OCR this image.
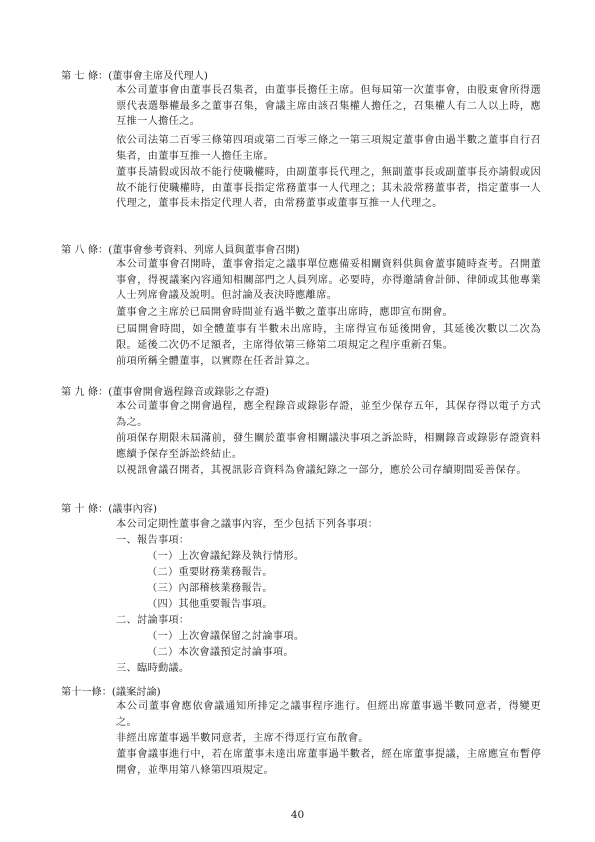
第 七 條：(董事會主席及代理人)

本公司董事會由董事長召集者，由董事長擔任主席。但每屆第一次董事會，由股東會所得選票代表選舉權最多之董事召集，會議主席由該召集權人擔任之，召集權人有二人以上時，應互推一人擔任之。

依公司法第二百零三條第四項或第二百零三條之一第三項規定董事會由過半數之董事自行召集者，由董事互推一人擔任主席。

董事長請假或因故不能行使職權時，由副董事長代理之，無副董事長或副董事長亦請假或因故不能行使職權時，由董事長指定常務董事一人代理之；其未設常務董事者，指定董事一人代理之，董事長未指定代理人者，由常務董事或董事互推一人代理之。

第 八 條：(董事會參考資料、列席人員與董事會召開)

本公司董事會召開時，董事會指定之議事單位應備妥相關資料供與會董事隨時查考。召開董事會，得視議案內容通知相關部門之人員列席。必要時，亦得邀請會計師、律師或其他專業人士列席會議及說明。但討論及表決時應離席。

董事會之主席於已屆開會時間並有過半數之董事出席時，應即宣布開會。

已屆開會時間，如全體董事有半數未出席時，主席得宣布延後開會，其延後次數以二次為限。延後二次仍不足額者，主席得依第三條第二項規定之程序重新召集。

前項所稱全體董事，以實際在任者計算之。

第 九 條：(董事會開會過程錄音或錄影之存證)

本公司董事會之開會過程，應全程錄音或錄影存證，並至少保存五年，其保存得以電子方式為之。

前項保存期限未屆滿前，發生關於董事會相關議決事項之訴訟時，相關錄音或錄影存證資料應續予保存至訴訟終結止。

以視訊會議召開者，其視訊影音資料為會議紀錄之一部分，應於公司存續期間妥善保存。

第 十 條：(議事內容)
本公司定期性董事會之議事內容，至少包括下列各事項：
一、報告事項：
（一）上次會議紀錄及執行情形。
（二）重要財務業務報告。
（三）內部稽核業務報告。
（四）其他重要報告事項。
二、討論事項：
（一）上次會議保留之討論事項。
（二）本次會議預定討論事項。
三、臨時動議。
第十一條：(議案討論)

本公司董事會應依會議通知所排定之議事程序進行。但經出席董事過半數同意者，得變更之。

非經出席董事過半數同意者，主席不得逕行宣布散會。

董事會議事進行中，若在席董事未達出席董事過半數者，經在席董事提議，主席應宣布暫停開會，並準用第八條第四項規定。

40
